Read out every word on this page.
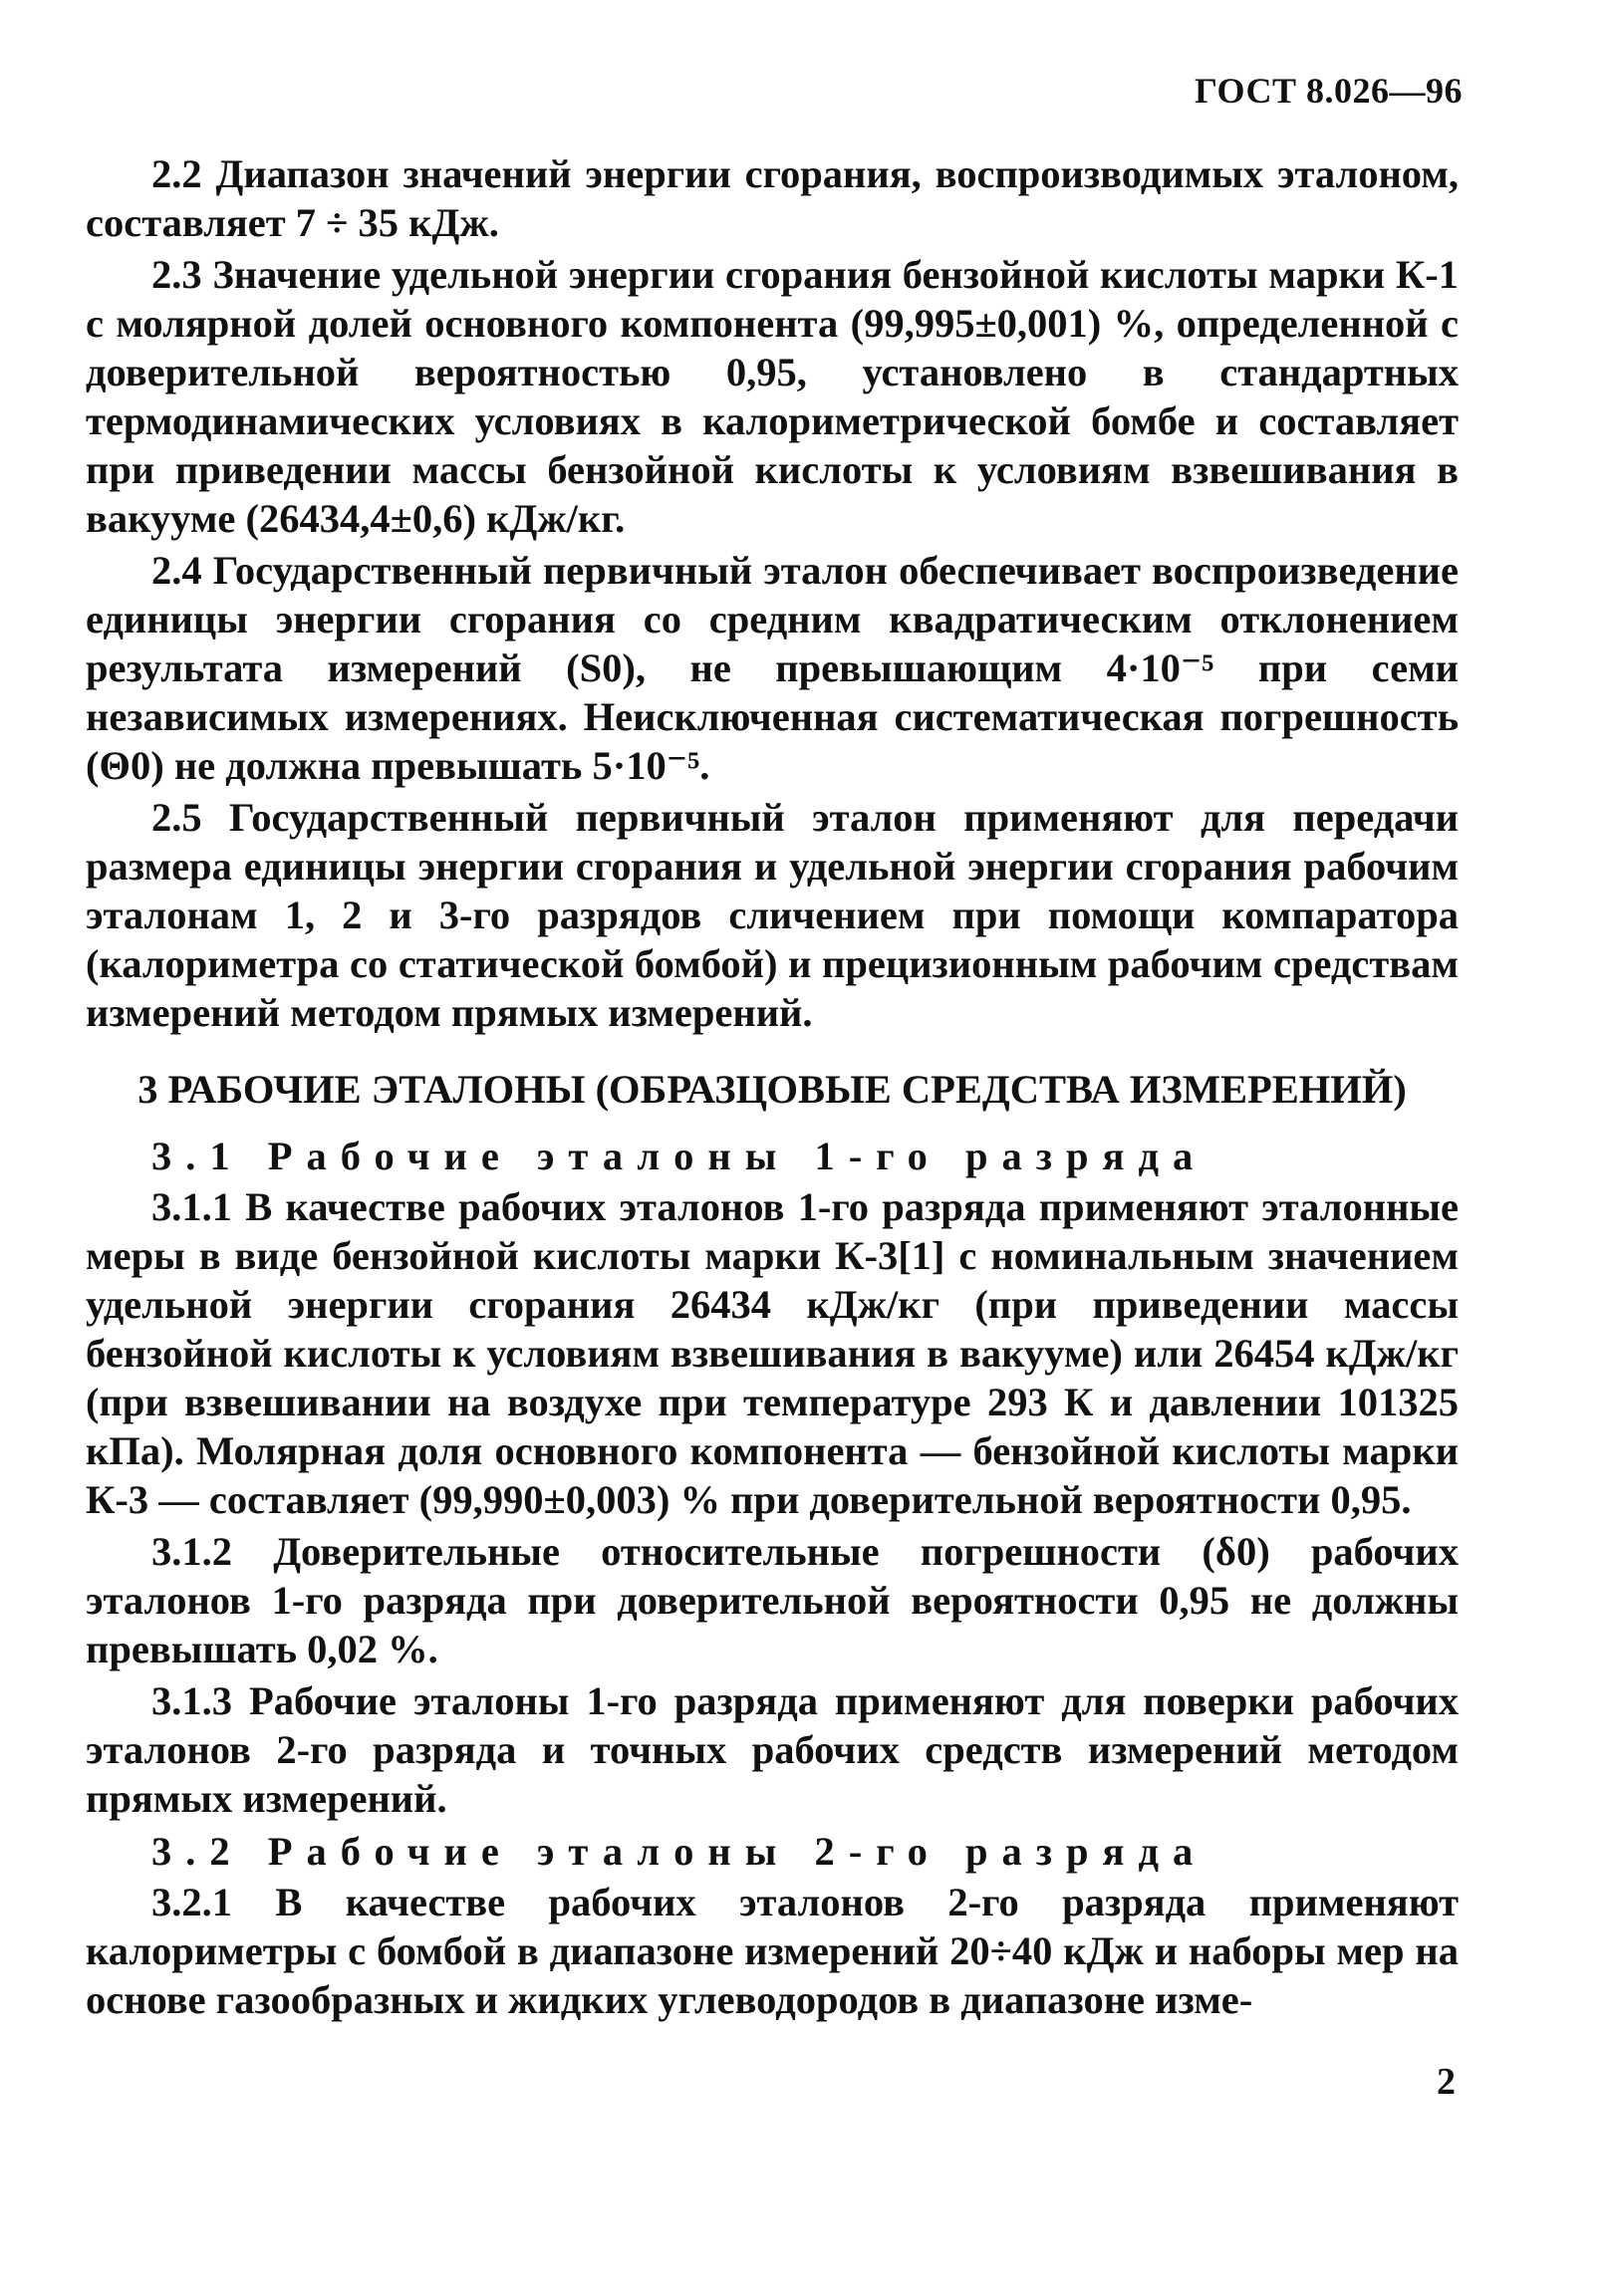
ГОСТ 8.026—96

2.2 Диапазон значений энергии сгорания, воспроизводимых эталоном, составляет 7 ÷ 35 кДж.

2.3 Значение удельной энергии сгорания бензойной кислоты марки К-1 с молярной долей основного компонента (99,995±0,001) %, определенной с доверительной вероятностью 0,95, установлено в стандартных термодинамических условиях в калориметрической бомбе и составляет при приведении массы бензойной кислоты к условиям взвешивания в вакууме (26434,4±0,6) кДж/кг.

2.4 Государственный первичный эталон обеспечивает воспроизведение единицы энергии сгорания со средним квадратическим отклонением результата измерений (S0), не превышающим 4·10⁻⁵ при семи независимых измерениях. Неисключенная систематическая погрешность (Θ0) не должна превышать 5·10⁻⁵.

2.5 Государственный первичный эталон применяют для передачи размера единицы энергии сгорания и удельной энергии сгорания рабочим эталонам 1, 2 и 3-го разрядов сличением при помощи компаратора (калориметра со статической бомбой) и прецизионным рабочим средствам измерений методом прямых измерений.

3 РАБОЧИЕ ЭТАЛОНЫ (ОБРАЗЦОВЫЕ СРЕДСТВА ИЗМЕРЕНИЙ)
3.1 Рабочие эталоны 1-го разряда

3.1.1 В качестве рабочих эталонов 1-го разряда применяют эталонные меры в виде бензойной кислоты марки К-3[1] с номинальным значением удельной энергии сгорания 26434 кДж/кг (при приведении массы бензойной кислоты к условиям взвешивания в вакууме) или 26454 кДж/кг (при взвешивании на воздухе при температуре 293 К и давлении 101325 кПа). Молярная доля основного компонента — бензойной кислоты марки К-3 — составляет (99,990±0,003) % при доверительной вероятности 0,95.

3.1.2 Доверительные относительные погрешности (δ0) рабочих эталонов 1-го разряда при доверительной вероятности 0,95 не должны превышать 0,02 %.

3.1.3 Рабочие эталоны 1-го разряда применяют для поверки рабочих эталонов 2-го разряда и точных рабочих средств измерений методом прямых измерений.

3.2 Рабочие эталоны 2-го разряда

3.2.1 В качестве рабочих эталонов 2-го разряда применяют калориметры с бомбой в диапазоне измерений 20÷40 кДж и наборы мер на основе газообразных и жидких углеводородов в диапазоне изме-

2
